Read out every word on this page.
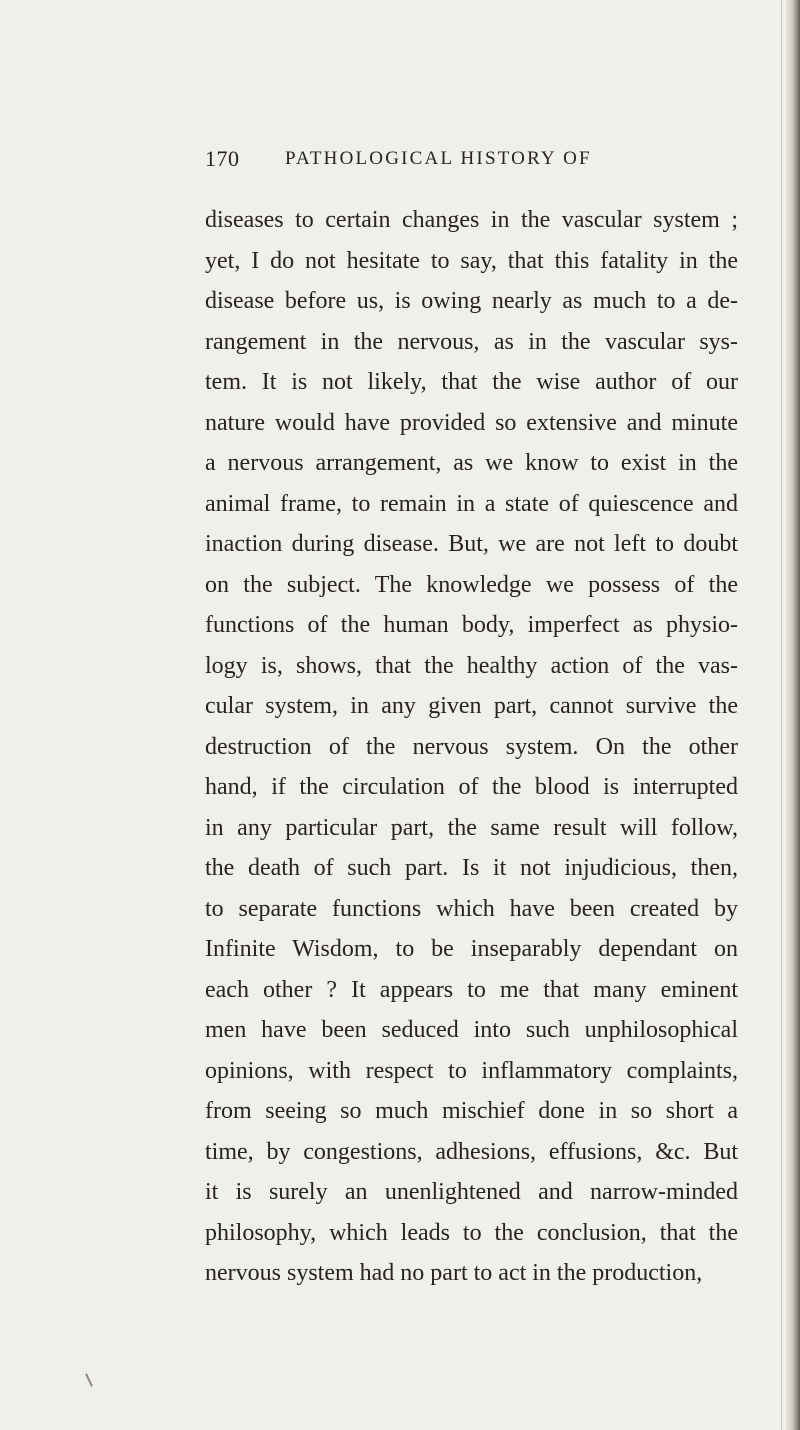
170 PATHOLOGICAL HISTORY OF
diseases to certain changes in the vascular system ;
yet, I do not hesitate to say, that this fatality in the
disease before us, is owing nearly as much to a de-
rangement in the nervous, as in the vascular sys-
tem. It is not likely, that the wise author of our
nature would have provided so extensive and minute
a nervous arrangement, as we know to exist in the
animal frame, to remain in a state of quiescence and
inaction during disease. But, we are not left to doubt
on the subject. The knowledge we possess of the
functions of the human body, imperfect as physio-
logy is, shows, that the healthy action of the vas-
cular system, in any given part, cannot survive the
destruction of the nervous system. On the other
hand, if the circulation of the blood is interrupted
in any particular part, the same result will follow,
the death of such part. Is it not injudicious, then,
to separate functions which have been created by
Infinite Wisdom, to be inseparably dependant on
each other ? It appears to me that many eminent
men have been seduced into such unphilosophical
opinions, with respect to inflammatory complaints,
from seeing so much mischief done in so short a
time, by congestions, adhesions, effusions, &c. But
it is surely an unenlightened and narrow-minded
philosophy, which leads to the conclusion, that the
nervous system had no part to act in the production,
